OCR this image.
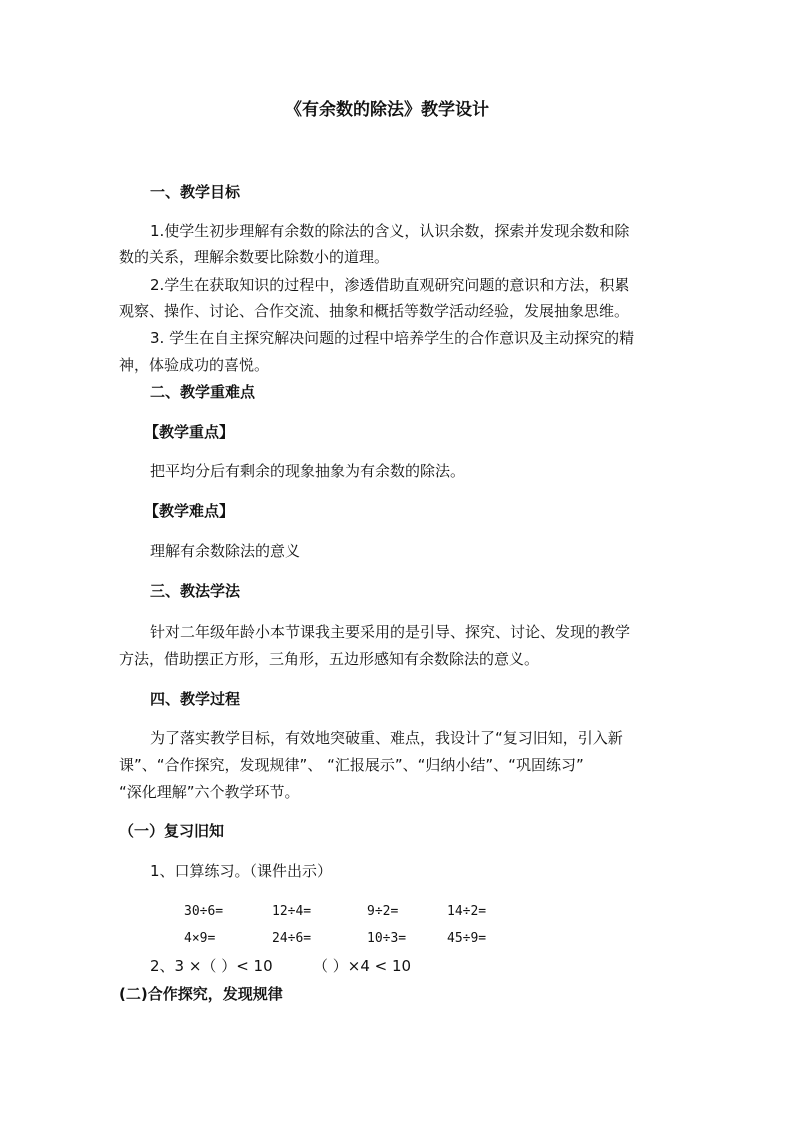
《有余数的除法》教学设计
一、教学目标
1.使学生初步理解有余数的除法的含义，认识余数，探索并发现余数和除
数的关系，理解余数要比除数小的道理。
2.学生在获取知识的过程中，渗透借助直观研究问题的意识和方法，积累
观察、操作、讨论、合作交流、抽象和概括等数学活动经验，发展抽象思维。
3. 学生在自主探究解决问题的过程中培养学生的合作意识及主动探究的精
神，体验成功的喜悦。
二、教学重难点
【教学重点】
把平均分后有剩余的现象抽象为有余数的除法。
【教学难点】
理解有余数除法的意义
三、教法学法
针对二年级年龄小本节课我主要采用的是引导、探究、讨论、发现的教学
方法，借助摆正方形，三角形，五边形感知有余数除法的意义。
四、教学过程
为了落实教学目标，有效地突破重、难点，我设计了“复习旧知，引入新
课”、“合作探究，发现规律”、 “汇报展示”、“归纳小结”、“巩固练习”
“深化理解”六个教学环节。
（一）复习旧知
1、口算练习。（课件出示）
30÷6=	12÷4=	9÷2=	14÷2=
4×9=	24÷6=	10÷3=	45÷9=
2、3 ×（ ）< 10	（ ）×4 < 10
(二)合作探究，发现规律
